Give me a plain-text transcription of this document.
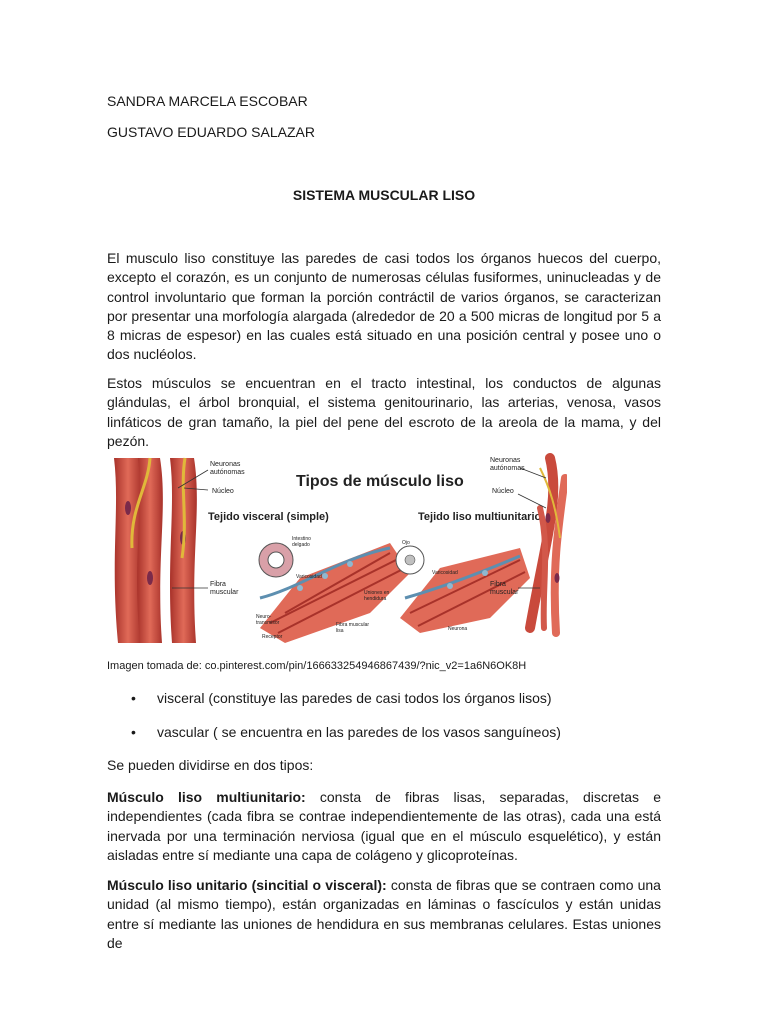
SANDRA MARCELA ESCOBAR
GUSTAVO EDUARDO SALAZAR
SISTEMA MUSCULAR LISO
El musculo liso constituye las paredes de casi todos los órganos huecos del cuerpo, excepto el corazón, es un conjunto de numerosas células fusiformes, uninucleadas y de control involuntario que forman la porción contráctil de varios órganos, se caracterizan por presentar una morfología alargada (alrededor de 20 a 500 micras de longitud por 5 a 8 micras de espesor) en las cuales está situado en una posición central y posee uno o dos nucléolos.
Estos músculos se encuentran en el tracto intestinal, los conductos de algunas glándulas, el árbol bronquial, el sistema genitourinario, las arterias, venosa, vasos linfáticos de gran tamaño, la piel del pene del escroto de la areola de la mama, y del pezón.
Neuronas
autónomas
Núcleo
Fibra
muscular
Tipos de músculo liso
Tejido visceral (simple)	Tejido liso multiunitario
Intestino
delgado
Varicosidad
Uniones en
hendidura
Neuro-
transmisor
Receptor
Fibra muscular
lisa
Ojo
Varicosidad
Neurona
Neuronas
autónomas
Núcleo
Fibra
muscular
Imagen tomada de: co.pinterest.com/pin/166633254946867439/?nic_v2=1a6N6OK8H
• visceral (constituye las paredes de casi todos los órganos lisos)
• vascular ( se encuentra en las paredes de los vasos sanguíneos)
Se pueden dividirse en dos tipos:
Músculo liso multiunitario: consta de fibras lisas, separadas, discretas e independientes (cada fibra se contrae independientemente de las otras), cada una está inervada por una terminación nerviosa (igual que en el músculo esquelético), y están aisladas entre sí mediante una capa de colágeno y glicoproteínas.
Músculo liso unitario (sincitial o visceral): consta de fibras que se contraen como una unidad (al mismo tiempo), están organizadas en láminas o fascículos y están unidas entre sí mediante las uniones de hendidura en sus membranas celulares. Estas uniones de
